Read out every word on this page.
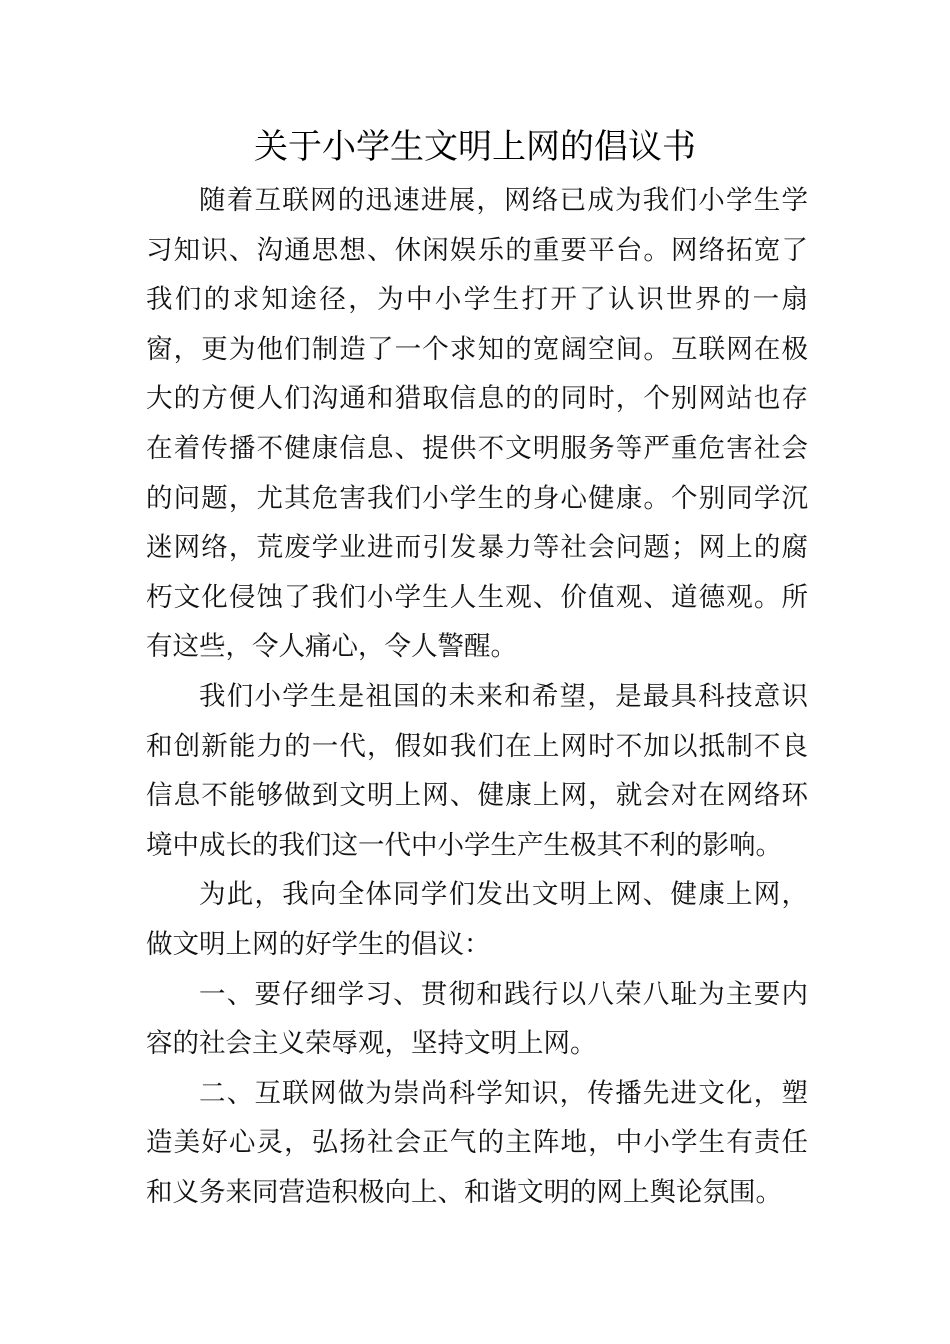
关于小学生文明上网的倡议书

随着互联网的迅速进展，网络已成为我们小学生学习知识、沟通思想、休闲娱乐的重要平台。网络拓宽了我们的求知途径，为中小学生打开了认识世界的一扇窗，更为他们制造了一个求知的宽阔空间。互联网在极大的方便人们沟通和猎取信息的的同时，个别网站也存在着传播不健康信息、提供不文明服务等严重危害社会的问题，尤其危害我们小学生的身心健康。个别同学沉迷网络，荒废学业进而引发暴力等社会问题；网上的腐朽文化侵蚀了我们小学生人生观、价值观、道德观。所有这些，令人痛心，令人警醒。

我们小学生是祖国的未来和希望，是最具科技意识和创新能力的一代，假如我们在上网时不加以抵制不良信息不能够做到文明上网、健康上网，就会对在网络环境中成长的我们这一代中小学生产生极其不利的影响。

为此，我向全体同学们发出文明上网、健康上网，做文明上网的好学生的倡议：

一、要仔细学习、贯彻和践行以八荣八耻为主要内容的社会主义荣辱观，坚持文明上网。

二、互联网做为崇尚科学知识，传播先进文化，塑造美好心灵，弘扬社会正气的主阵地，中小学生有责任和义务来同营造积极向上、和谐文明的网上舆论氛围。
